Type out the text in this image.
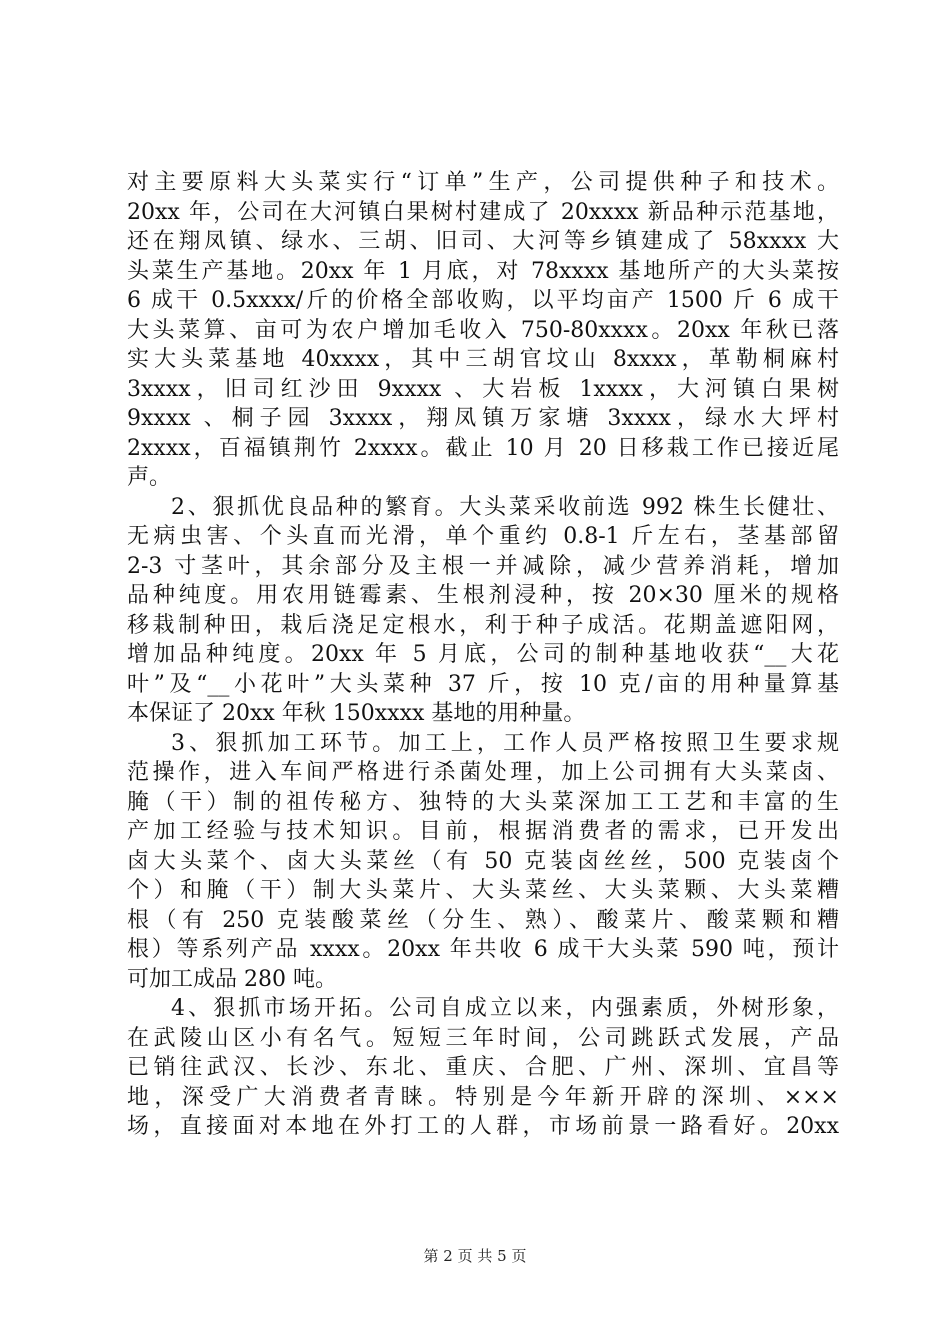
对主要原料大头菜实行“订单”生产，公司提供种子和技术。
20xx 年，公司在大河镇白果树村建成了 20xxxx 新品种示范基地，
还在翔凤镇、绿水、三胡、旧司、大河等乡镇建成了 58xxxx 大
头菜生产基地。20xx 年 1 月底，对 78xxxx 基地所产的大头菜按
6 成干 0.5xxxx/斤的价格全部收购，以平均亩产 1500 斤 6 成干
大头菜算、亩可为农户增加毛收入 750-80xxxx。20xx 年秋已落
实大头菜基地 40xxxx，其中三胡官坟山 8xxxx，革勒桐麻村
3xxxx，旧司红沙田 9xxxx 、大岩板 1xxxx，大河镇白果树
9xxxx 、桐子园 3xxxx，翔凤镇万家塘 3xxxx，绿水大坪村
2xxxx，百福镇荆竹 2xxxx。截止 10 月 20 日移栽工作已接近尾
声。
2、狠抓优良品种的繁育。大头菜采收前选 992 株生长健壮、
无病虫害、个头直而光滑，单个重约 0.8-1 斤左右，茎基部留
2-3 寸茎叶，其余部分及主根一并减除，减少营养消耗，增加
品种纯度。用农用链霉素、生根剂浸种，按 20×30 厘米的规格
移栽制种田，栽后浇足定根水，利于种子成活。花期盖遮阳网，
增加品种纯度。20xx 年 5 月底，公司的制种基地收获“__大花
叶”及“__小花叶”大头菜种 37 斤，按 10 克/亩的用种量算基
本保证了 20xx 年秋 150xxxx 基地的用种量。
3、狠抓加工环节。加工上，工作人员严格按照卫生要求规
范操作，进入车间严格进行杀菌处理，加上公司拥有大头菜卤、
腌（干）制的祖传秘方、独特的大头菜深加工工艺和丰富的生
产加工经验与技术知识。目前，根据消费者的需求，已开发出
卤大头菜个、卤大头菜丝（有 50 克装卤丝丝，500 克装卤个
个）和腌（干）制大头菜片、大头菜丝、大头菜颗、大头菜糟
根（有 250 克装酸菜丝（分生、熟）、酸菜片、酸菜颗和糟
根）等系列产品 xxxx。20xx 年共收 6 成干大头菜 590 吨，预计
可加工成品 280 吨。
4、狠抓市场开拓。公司自成立以来，内强素质，外树形象，
在武陵山区小有名气。短短三年时间，公司跳跃式发展，产品
已销往武汉、长沙、东北、重庆、合肥、广州、深圳、宜昌等
地，深受广大消费者青睐。特别是今年新开辟的深圳、×××
场，直接面对本地在外打工的人群，市场前景一路看好。20xx
第 2 页 共 5 页
